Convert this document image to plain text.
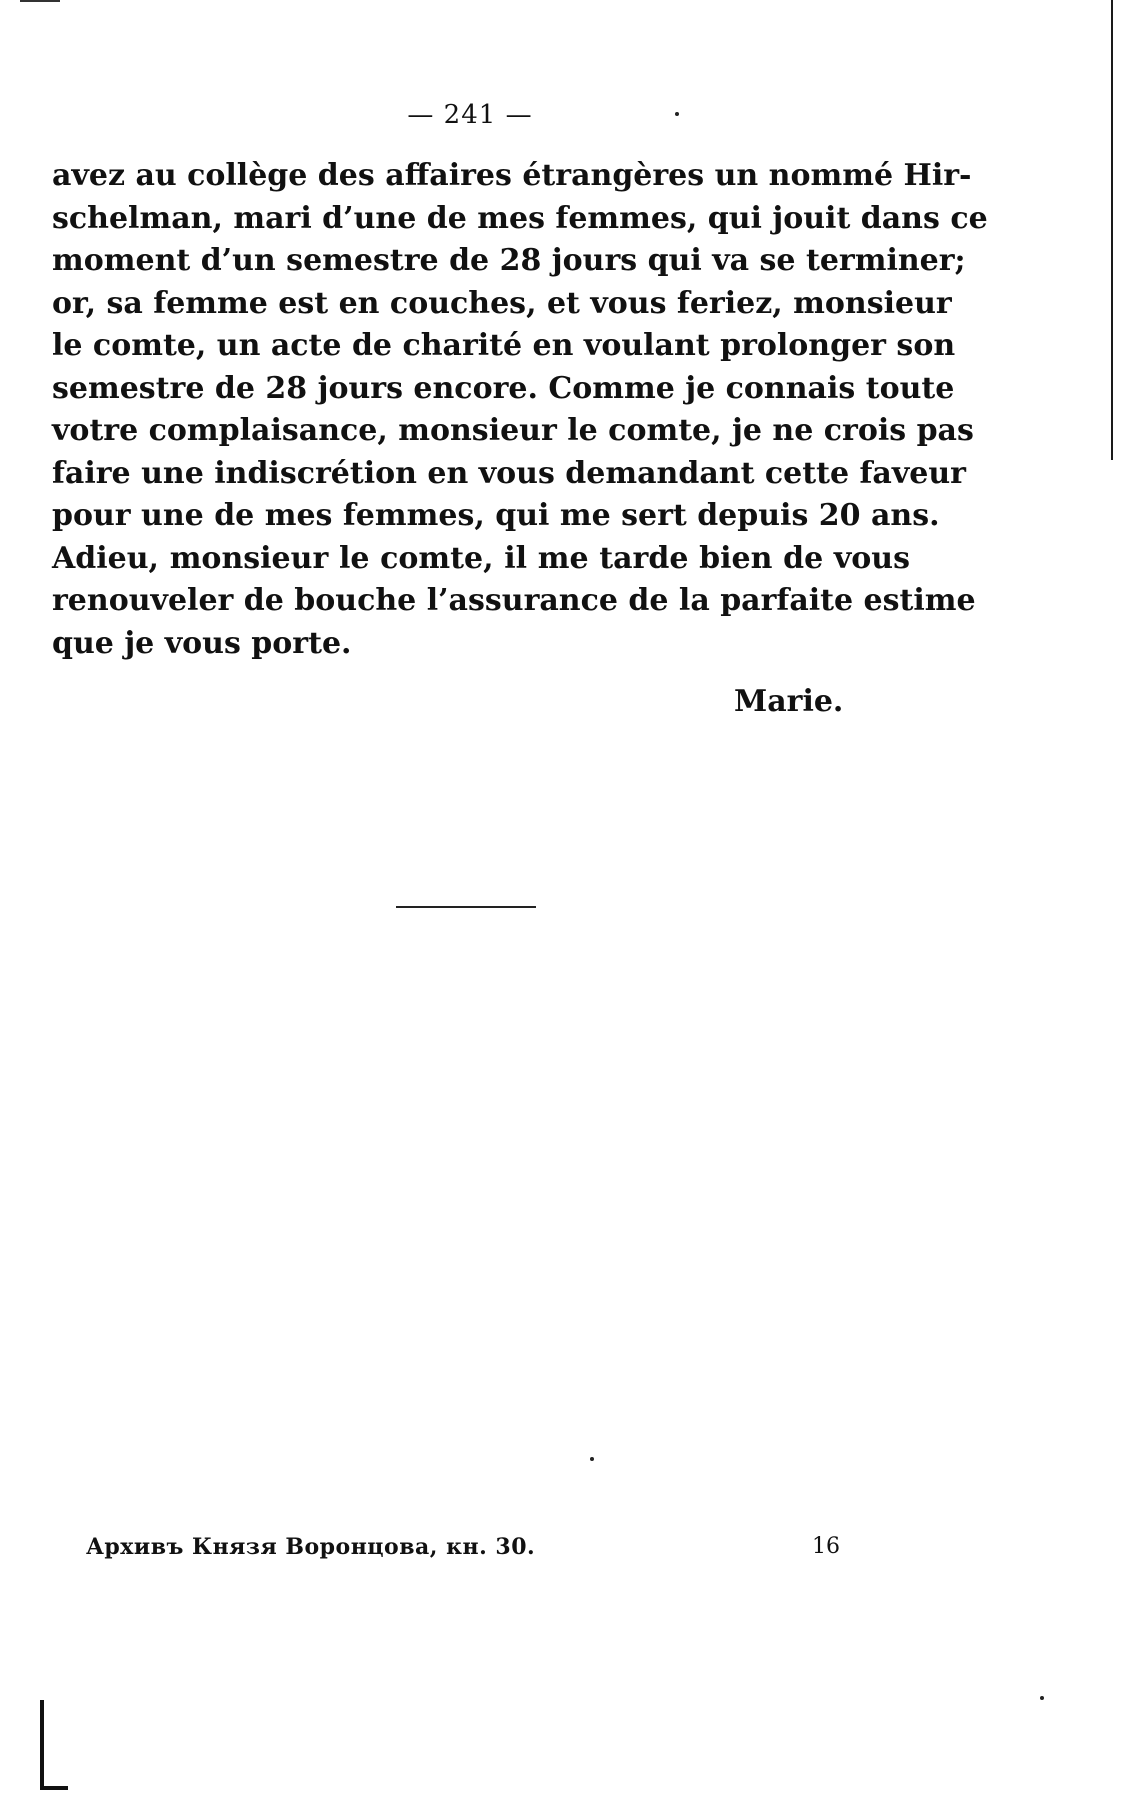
— 241 —
avez au collège des affaires étrangères un nommé Hir-
schelman, mari d’une de mes femmes, qui jouit dans ce
moment d’un semestre de 28 jours qui va se terminer;
or, sa femme est en couches, et vous feriez, monsieur
le comte, un acte de charité en voulant prolonger son
semestre de 28 jours encore. Comme je connais toute
votre complaisance, monsieur le comte, je ne crois pas
faire une indiscrétion en vous demandant cette faveur
pour une de mes femmes, qui me sert depuis 20 ans.
Adieu, monsieur le comte, il me tarde bien de vous
renouveler de bouche l’assurance de la parfaite estime
que je vous porte.
Marie.
Архивъ Князя Воронцова, кн. 30.	16
